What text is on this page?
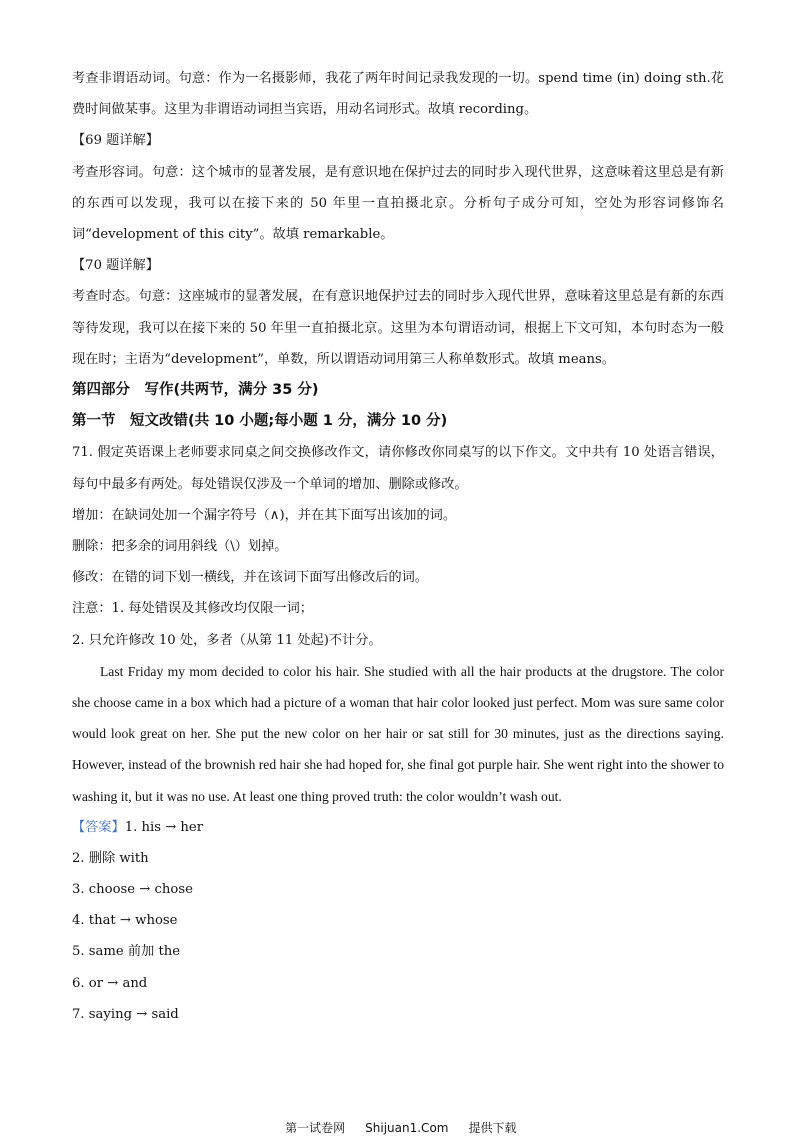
考查非谓语动词。句意：作为一名摄影师，我花了两年时间记录我发现的一切。spend time (in) doing sth.花费时间做某事。这里为非谓语动词担当宾语，用动名词形式。故填 recording。
【69 题详解】
考查形容词。句意：这个城市的显著发展，是有意识地在保护过去的同时步入现代世界，这意味着这里总是有新的东西可以发现，我可以在接下来的 50 年里一直拍摄北京。分析句子成分可知，空处为形容词修饰名词“development of this city”。故填 remarkable。
【70 题详解】
考查时态。句意：这座城市的显著发展，在有意识地保护过去的同时步入现代世界，意味着这里总是有新的东西等待发现，我可以在接下来的 50 年里一直拍摄北京。这里为本句谓语动词，根据上下文可知，本句时态为一般现在时；主语为“development”，单数，所以谓语动词用第三人称单数形式。故填 means。
第四部分　写作(共两节，满分 35 分)
第一节　短文改错(共 10 小题;每小题 1 分，满分 10 分)
71. 假定英语课上老师要求同桌之间交换修改作文，请你修改你同桌写的以下作文。文中共有 10 处语言错误，每句中最多有两处。每处错误仅涉及一个单词的增加、删除或修改。
增加：在缺词处加一个漏字符号（∧)，并在其下面写出该加的词。
删除：把多余的词用斜线（\）划掉。
修改：在错的词下划一横线，并在该词下面写出修改后的词。
注意：1. 每处错误及其修改均仅限一词；
2. 只允许修改 10 处，多者（从第 11 处起)不计分。
Last Friday my mom decided to color his hair. She studied with all the hair products at the drugstore. The color she choose came in a box which had a picture of a woman that hair color looked just perfect. Mom was sure same color would look great on her. She put the new color on her hair or sat still for 30 minutes, just as the directions saying. However, instead of the brownish red hair she had hoped for, she final got purple hair. She went right into the shower to washing it, but it was no use. At least one thing proved truth: the color wouldn’t wash out.
【答案】1. his → her
2. 删除 with
3. choose → chose
4. that → whose
5. same 前加 the
6. or → and
7. saying → said

第一试卷网 Shijuan1.Com 提供下载
